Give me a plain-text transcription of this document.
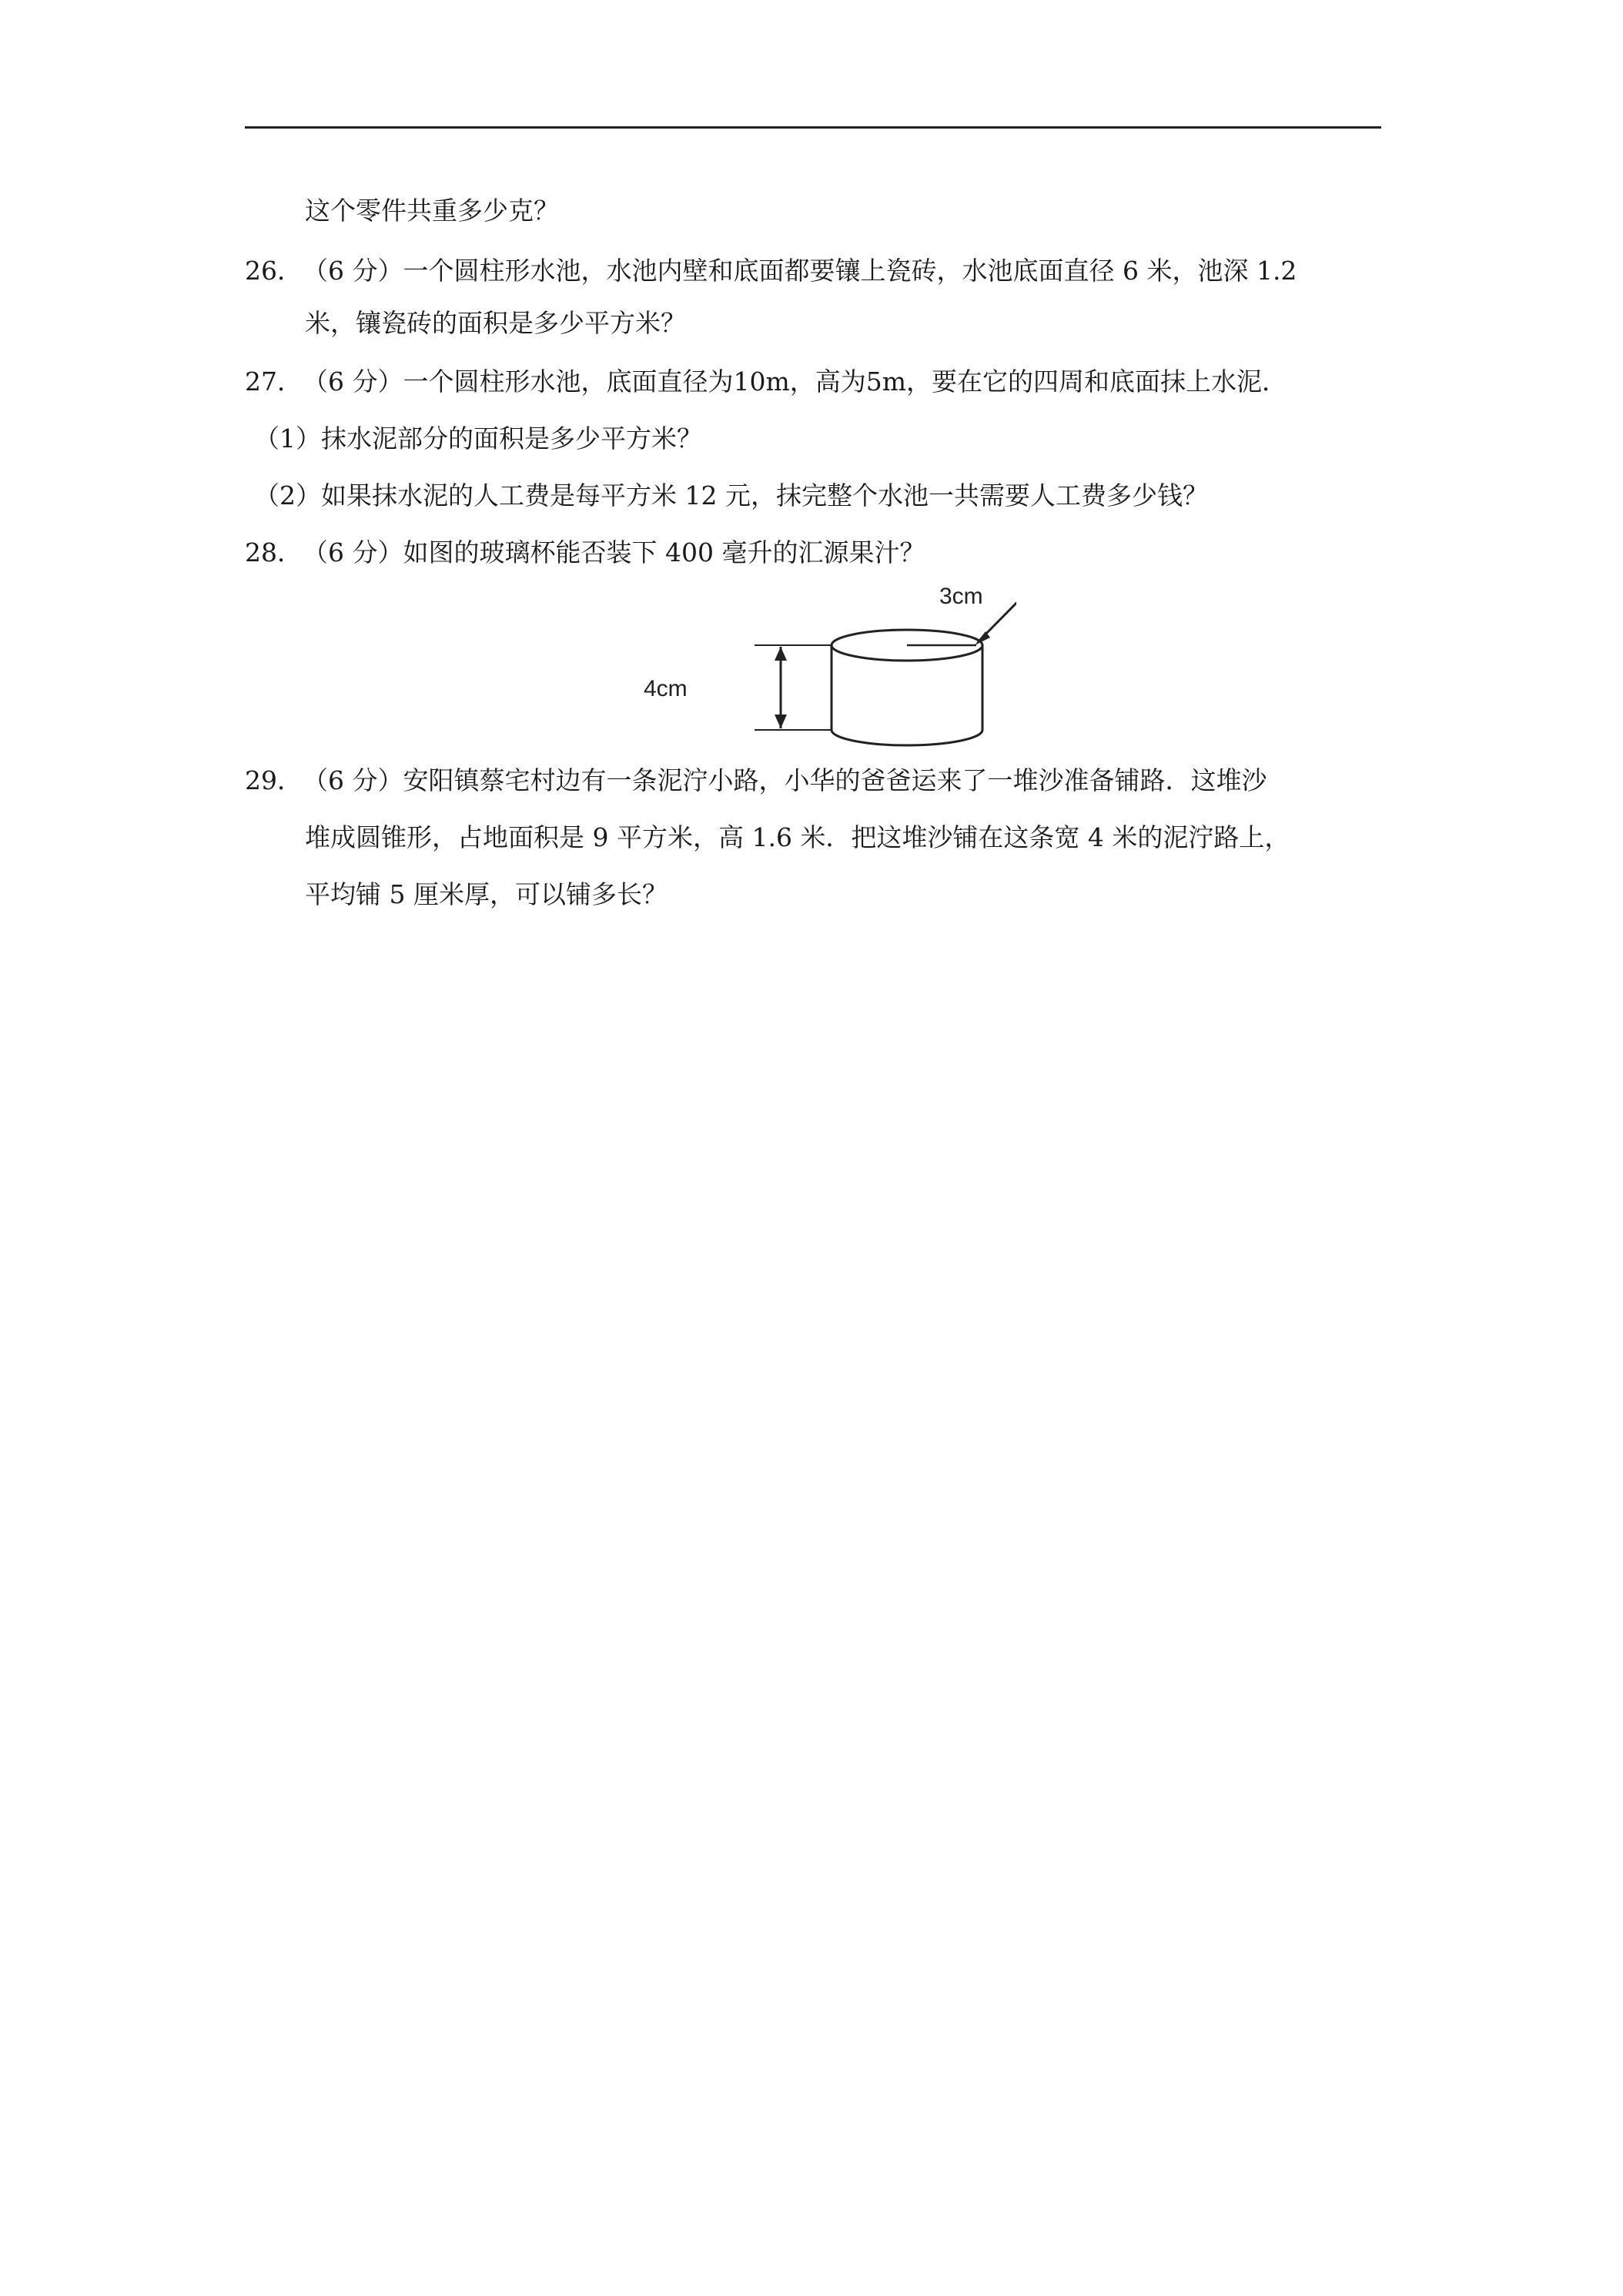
这个零件共重多少克？
26．（6 分）一个圆柱形水池，水池内壁和底面都要镶上瓷砖，水池底面直径 6 米，池深 1.2
米，镶瓷砖的面积是多少平方米？
27．（6 分）一个圆柱形水池，底面直径为10m，高为5m，要在它的四周和底面抹上水泥．
（1）抹水泥部分的面积是多少平方米？
（2）如果抹水泥的人工费是每平方米 12 元，抹完整个水池一共需要人工费多少钱？
28．（6 分）如图的玻璃杯能否装下 400 毫升的汇源果汁？
3cm
4cm
29．（6 分）安阳镇蔡宅村边有一条泥泞小路，小华的爸爸运来了一堆沙准备铺路．这堆沙
堆成圆锥形，占地面积是 9 平方米，高 1.6 米．把这堆沙铺在这条宽 4 米的泥泞路上，
平均铺 5 厘米厚，可以铺多长？
